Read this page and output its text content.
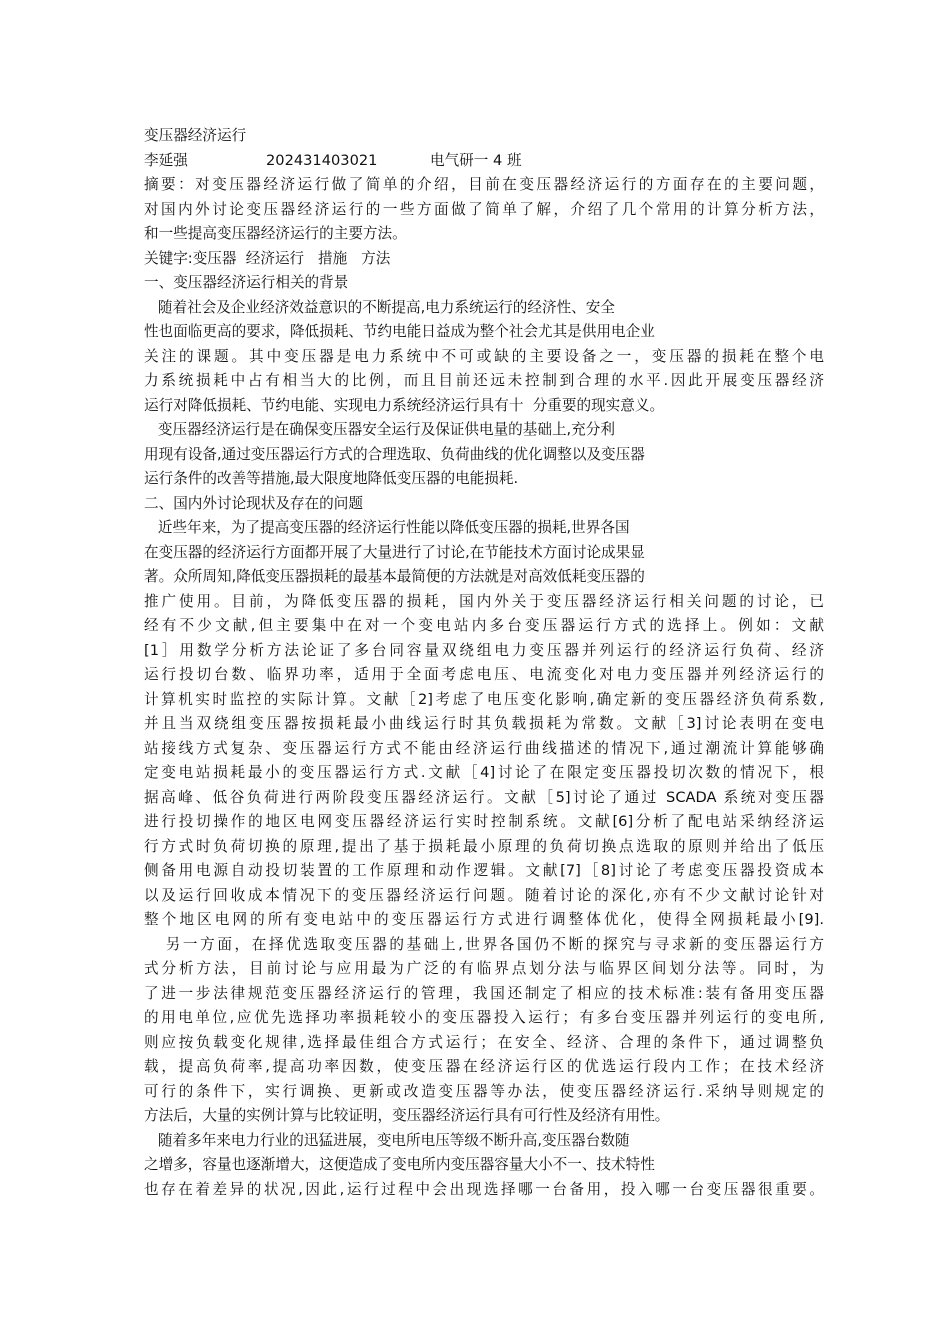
变压器经济运行
李延强	202431403021	电气研一 4 班
摘要：对变压器经济运行做了简单的介绍，目前在变压器经济运行的方面存在的主要问题，
对国内外讨论变压器经济运行的一些方面做了简单了解，介绍了几个常用的计算分析方法，
和一些提高变压器经济运行的主要方法。
关键字:变压器  经济运行   措施   方法
一、变压器经济运行相关的背景
随着社会及企业经济效益意识的不断提高,电力系统运行的经济性、安全
性也面临更高的要求，降低损耗、节约电能日益成为整个社会尤其是供用电企业
关注的课题。其中变压器是电力系统中不可或缺的主要设备之一，变压器的损耗在整个电
力系统损耗中占有相当大的比例，而且目前还远未控制到合理的水平.因此开展变压器经济
运行对降低损耗、节约电能、实现电力系统经济运行具有十  分重要的现实意义。
变压器经济运行是在确保变压器安全运行及保证供电量的基础上,充分利
用现有设备,通过变压器运行方式的合理选取、负荷曲线的优化调整以及变压器
运行条件的改善等措施,最大限度地降低变压器的电能损耗.
二、国内外讨论现状及存在的问题
近些年来，为了提高变压器的经济运行性能以降低变压器的损耗,世界各国
在变压器的经济运行方面都开展了大量进行了讨论,在节能技术方面讨论成果显
著。众所周知,降低变压器损耗的最基本最简便的方法就是对高效低耗变压器的
推广使用。目前，为降低变压器的损耗，国内外关于变压器经济运行相关问题的讨论，已
经有不少文献,但主要集中在对一个变电站内多台变压器运行方式的选择上。例如：文献
[1］用数学分析方法论证了多台同容量双绕组电力变压器并列运行的经济运行负荷、经济
运行投切台数、临界功率，适用于全面考虑电压、电流变化对电力变压器并列经济运行的
计算机实时监控的实际计算。文献［2]考虑了电压变化影响,确定新的变压器经济负荷系数,
并且当双绕组变压器按损耗最小曲线运行时其负载损耗为常数。文献［3]讨论表明在变电
站接线方式复杂、变压器运行方式不能由经济运行曲线描述的情况下,通过潮流计算能够确
定变电站损耗最小的变压器运行方式.文献［4]讨论了在限定变压器投切次数的情况下，根
据高峰、低谷负荷进行两阶段变压器经济运行。文献［5]讨论了通过 SCADA 系统对变压器
进行投切操作的地区电网变压器经济运行实时控制系统。文献[6]分析了配电站采纳经济运
行方式时负荷切换的原理,提出了基于损耗最小原理的负荷切换点选取的原则并给出了低压
侧备用电源自动投切装置的工作原理和动作逻辑。文献[7]［8]讨论了考虑变压器投资成本
以及运行回收成本情况下的变压器经济运行问题。随着讨论的深化,亦有不少文献讨论针对
整个地区电网的所有变电站中的变压器运行方式进行调整体优化，使得全网损耗最小[9].
另一方面，在择优选取变压器的基础上,世界各国仍不断的探究与寻求新的变压器运行方
式分析方法，目前讨论与应用最为广泛的有临界点划分法与临界区间划分法等。同时，为
了进一步法律规范变压器经济运行的管理，我国还制定了相应的技术标准:装有备用变压器
的用电单位,应优先选择功率损耗较小的变压器投入运行；有多台变压器并列运行的变电所,
则应按负载变化规律,选择最佳组合方式运行；在安全、经济、合理的条件下，通过调整负
载，提高负荷率,提高功率因数，使变压器在经济运行区的优选运行段内工作；在技术经济
可行的条件下，实行调换、更新或改造变压器等办法，使变压器经济运行.采纳导则规定的
方法后，大量的实例计算与比较证明，变压器经济运行具有可行性及经济有用性。
随着多年来电力行业的迅猛进展，变电所电压等级不断升高,变压器台数随
之增多，容量也逐渐增大，这便造成了变电所内变压器容量大小不一、技术特性
也存在着差异的状况,因此,运行过程中会出现选择哪一台备用，投入哪一台变压器很重要。
